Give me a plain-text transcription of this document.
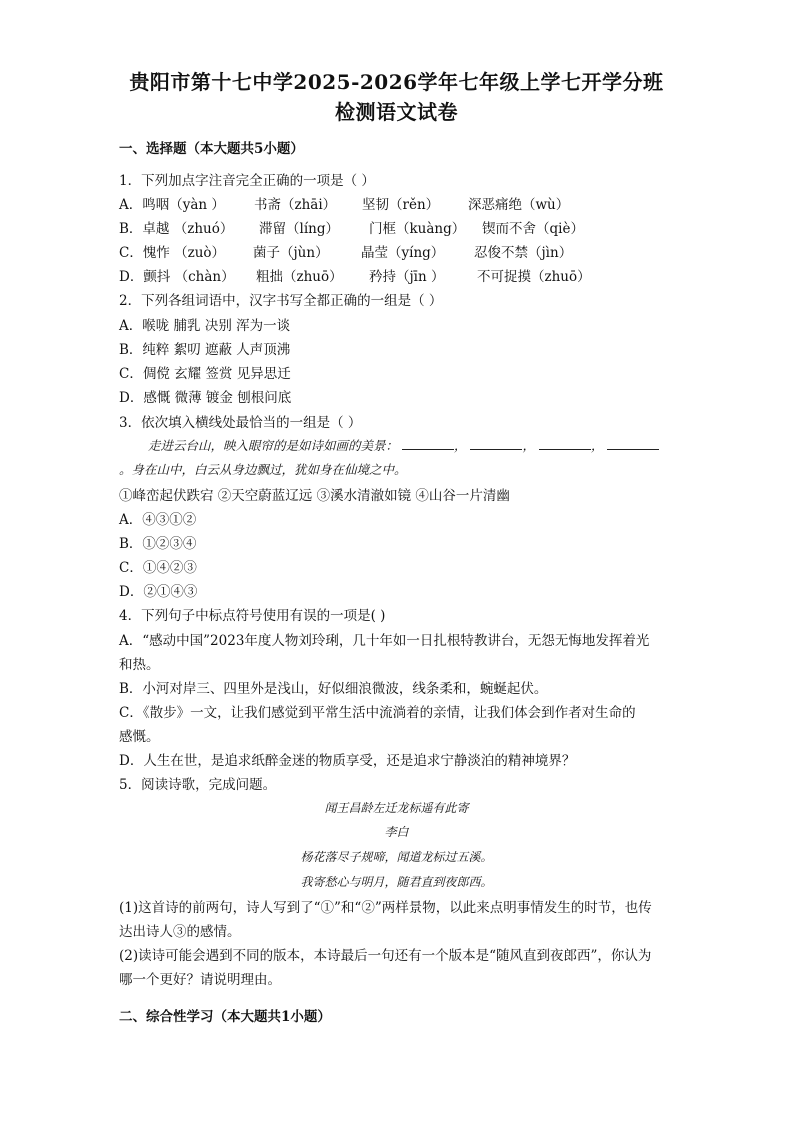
贵阳市第十七中学2025-2026学年七年级上学七开学分班
检测语文试卷
一、选择题（本大题共5小题）
1．下列加点字注音完全正确的一项是（ ）
A．鸣咽（yàn ） 书斋（zhāi） 坚韧（rěn） 深恶痛绝（wù）
B．卓越 （zhuó） 滞留（líng） 门框（kuàng） 锲而不舍（qiè）
C．愧怍 （zuò） 菌子（jùn） 晶莹（yíng） 忍俊不禁（jìn）
D．颤抖 （chàn） 粗拙（zhuō） 矜持（jīn ） 不可捉摸（zhuō）
2．下列各组词语中，汉字书写全都正确的一组是（ ）
A．喉咙 脯乳 决别 浑为一谈
B．纯粹 絮叨 遮蔽 人声顶沸
C．倜傥 玄耀 签赏 见异思迁
D．感慨 微薄 镀金 刨根问底
3．依次填入横线处最恰当的一组是（ ）
走进云台山，映入眼帘的是如诗如画的美景：	，	，	，
。身在山中，白云从身边飘过，犹如身在仙境之中。
①峰峦起伏跌宕 ②天空蔚蓝辽远 ③溪水清澈如镜 ④山谷一片清幽
A．④③①②
B．①②③④
C．①④②③
D．②①④③
4．下列句子中标点符号使用有误的一项是( )
A．“感动中国”2023年度人物刘玲琍，几十年如一日扎根特教讲台，无怨无悔地发挥着光
和热。
B．小河对岸三、四里外是浅山，好似细浪微波，线条柔和，蜿蜒起伏。
C．《散步》一文，让我们感觉到平常生活中流淌着的亲情，让我们体会到作者对生命的
感慨。
D．人生在世，是追求纸醉金迷的物质享受，还是追求宁静淡泊的精神境界？
5．阅读诗歌，完成问题。
闻王昌龄左迁龙标遥有此寄
李白
杨花落尽子规啼，闻道龙标过五溪。
我寄愁心与明月，随君直到夜郎西。
(1)这首诗的前两句，诗人写到了“①”和“②”两样景物，以此来点明事情发生的时节，也传
达出诗人③的感情。
(2)读诗可能会遇到不同的版本，本诗最后一句还有一个版本是“随风直到夜郎西”，你认为
哪一个更好？请说明理由。
二、综合性学习（本大题共1小题）
